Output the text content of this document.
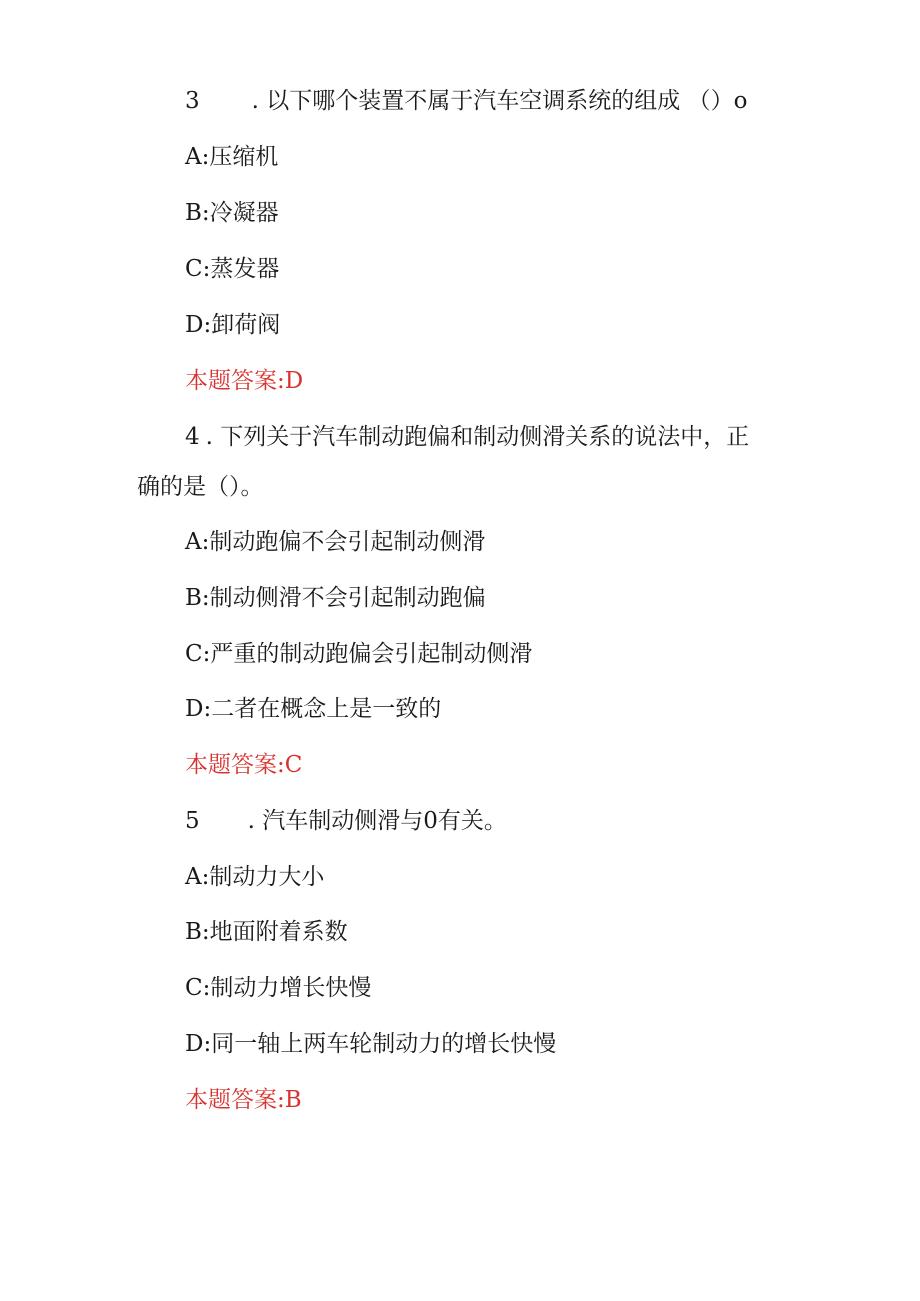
3 . 以下哪个装置不属于汽车空调系统的组成 （）o
A:压缩机
B:冷凝器
C:蒸发器
D:卸荷阀
本题答案:D
4 . 下列关于汽车制动跑偏和制动侧滑关系的说法中，正
确的是（）。
A:制动跑偏不会引起制动侧滑
B:制动侧滑不会引起制动跑偏
C:严重的制动跑偏会引起制动侧滑
D:二者在概念上是一致的
本题答案:C
5 . 汽车制动侧滑与0有关。
A:制动力大小
B:地面附着系数
C:制动力增长快慢
D:同一轴上两车轮制动力的增长快慢
本题答案:B
